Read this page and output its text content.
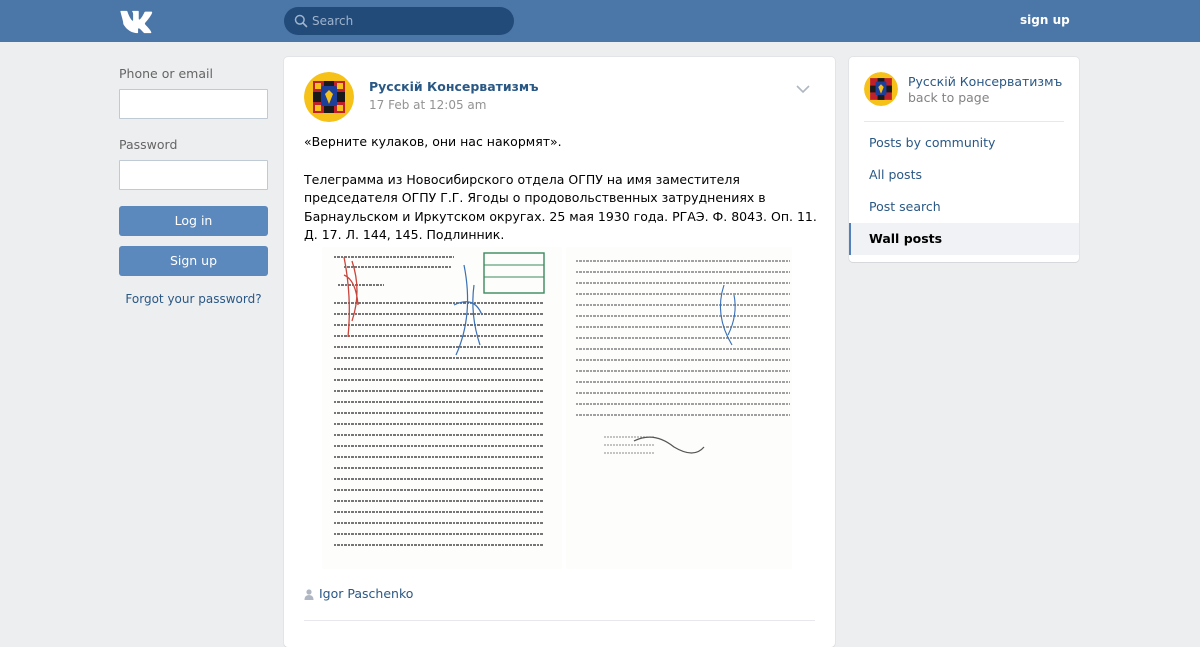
Search
sign up
Phone or email
Password
Log in
Sign up
Forgot your password?
Русскій Консерватизмъ
17 Feb at 12:05 am

«Верните кулаков, они нас накормят».

Телеграмма из Новосибирского отдела ОГПУ на имя заместителя председателя ОГПУ Г.Г. Ягоды о продовольственных затруднениях в Барнаульском и Иркутском округах. 25 мая 1930 года. РГАЭ. Ф. 8043. Оп. 11. Д. 17. Л. 144, 145. Подлинник.

Igor Paschenko
Русскій Консерватизмъ
back to page
Posts by community
All posts
Post search
Wall posts
